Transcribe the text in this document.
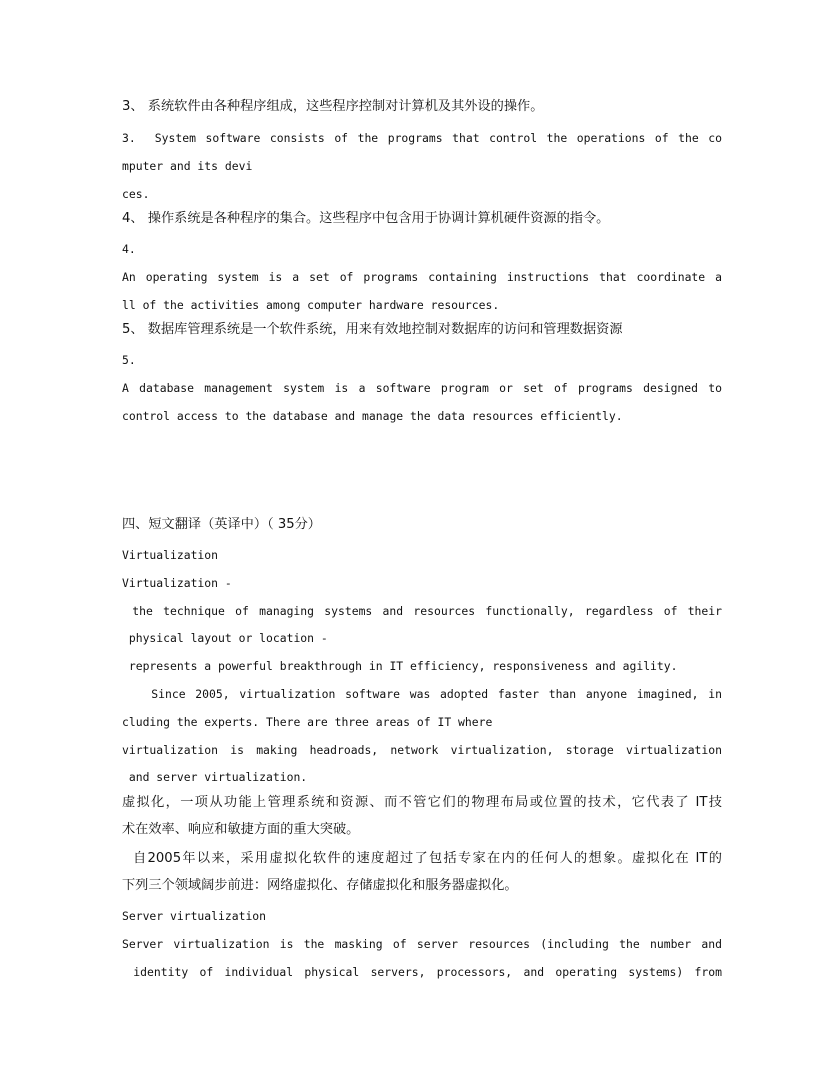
3、 系统软件由各种程序组成，这些程序控制对计算机及其外设的操作。
3.  System software consists of the programs that control the operations of the co
mputer and its devi
ces.
4、 操作系统是各种程序的集合。这些程序中包含用于协调计算机硬件资源的指令。
4.
An operating system is a set of programs containing instructions that coordinate a
ll of the activities among computer hardware resources.
5、 数据库管理系统是一个软件系统，用来有效地控制对数据库的访问和管理数据资源
5.
A database management system is a software program or set of programs designed to
control access to the database and manage the data resources efficiently.
四、短文翻译（英译中）（ 35分）
Virtualization
Virtualization -
the technique of managing systems and resources functionally, regardless of their
physical layout or location -
represents a powerful breakthrough in IT efficiency, responsiveness and agility.
Since 2005, virtualization software was adopted faster than anyone imagined, in
cluding the experts. There are three areas of IT where
virtualization is making headroads, network virtualization, storage virtualization
and server virtualization.
虚拟化，一项从功能上管理系统和资源、而不管它们的物理布局或位置的技术，它代表了 IT技
术在效率、响应和敏捷方面的重大突破。
自2005年以来，采用虚拟化软件的速度超过了包括专家在内的任何人的想象。虚拟化在 IT的
下列三个领域阔步前进：网络虚拟化、存储虚拟化和服务器虚拟化。
Server virtualization
Server virtualization is the masking of server resources (including the number and
identity of individual physical servers, processors, and operating systems) from
